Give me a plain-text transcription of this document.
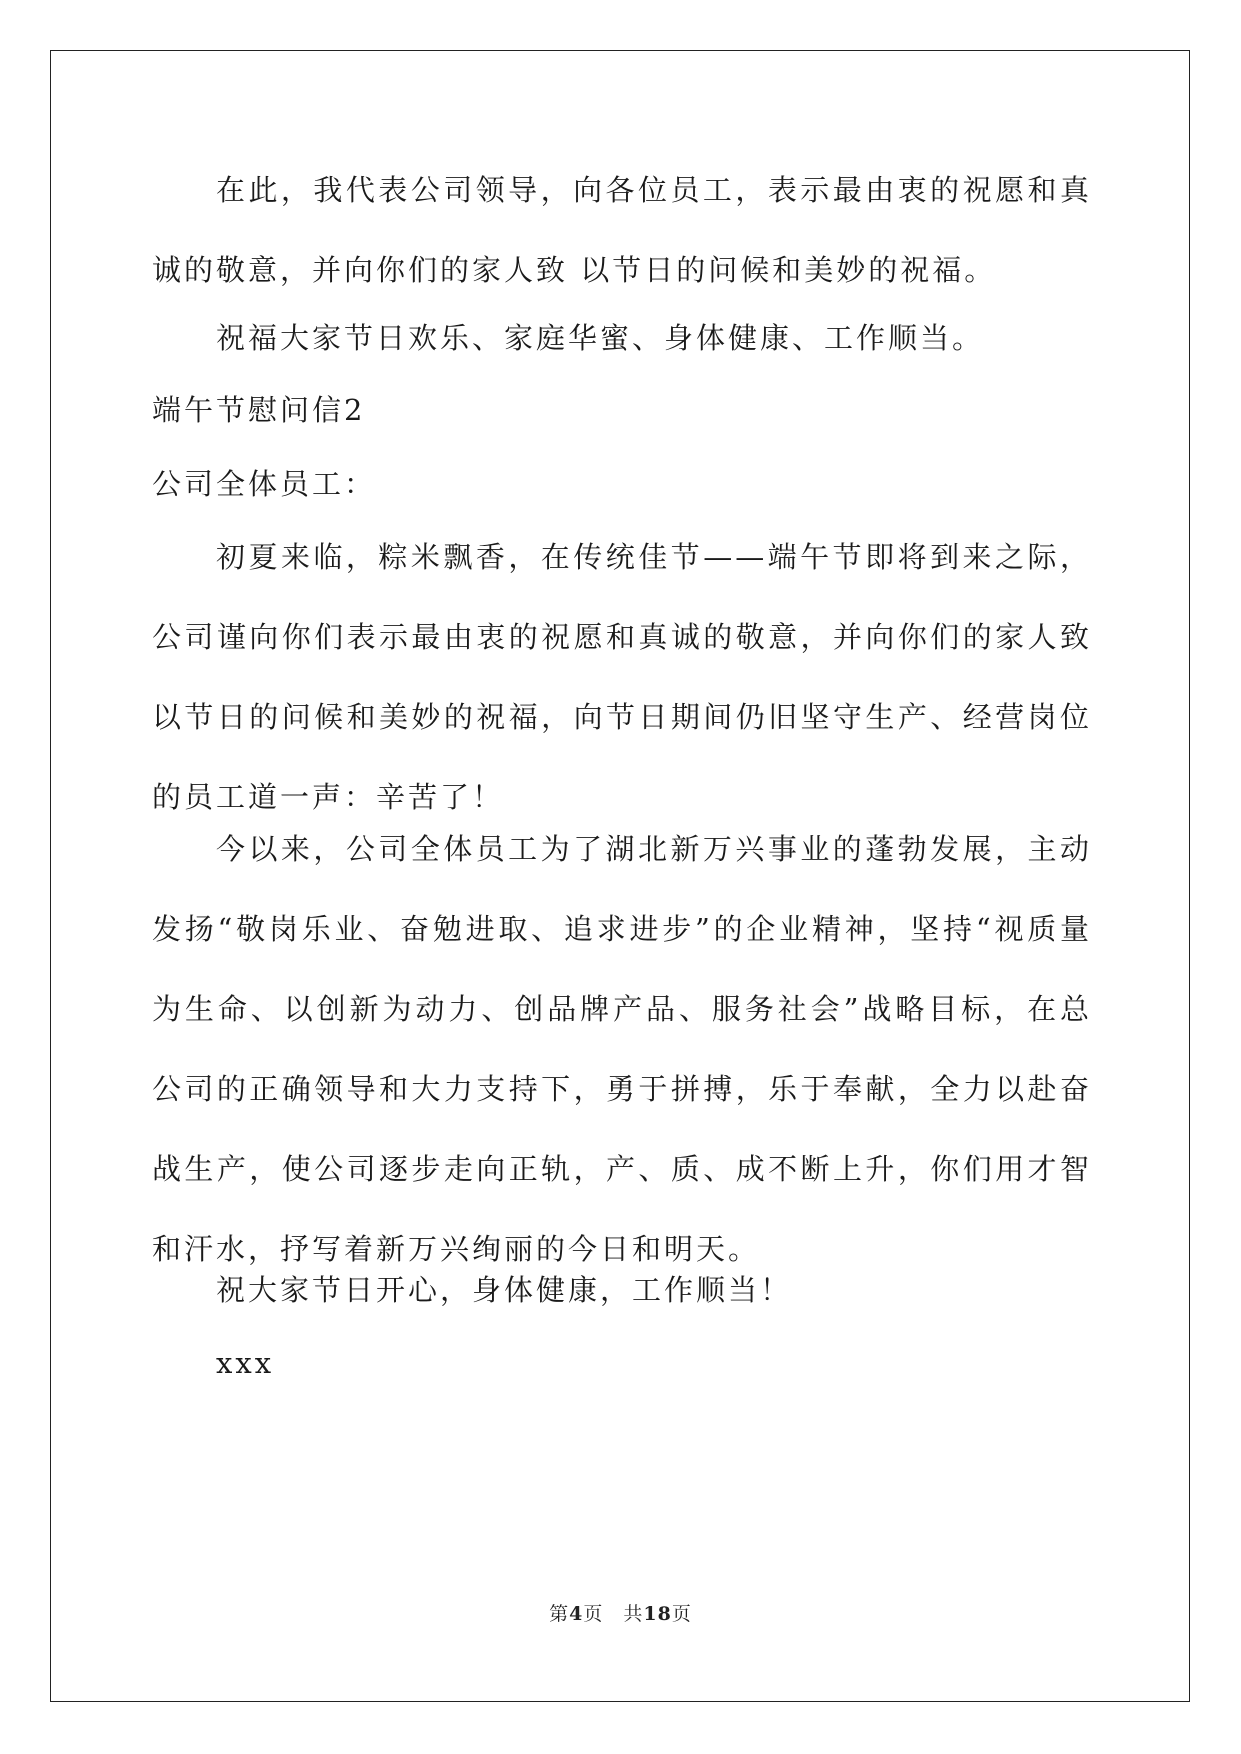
在此，我代表公司领导，向各位员工，表示最由衷的祝愿和真诚的敬意，并向你们的家人致 以节日的问候和美妙的祝福。

祝福大家节日欢乐、家庭华蜜、身体健康、工作顺当。

端午节慰问信2

公司全体员工：

初夏来临，粽米飘香，在传统佳节——端午节即将到来之际，公司谨向你们表示最由衷的祝愿和真诚的敬意，并向你们的家人致以节日的问候和美妙的祝福，向节日期间仍旧坚守生产、经营岗位的员工道一声：辛苦了！

今以来，公司全体员工为了湖北新万兴事业的蓬勃发展，主动发扬“敬岗乐业、奋勉进取、追求进步”的企业精神，坚持“视质量为生命、以创新为动力、创品牌产品、服务社会”战略目标，在总公司的正确领导和大力支持下，勇于拼搏，乐于奉献，全力以赴奋战生产，使公司逐步走向正轨，产、质、成不断上升，你们用才智和汗水，抒写着新万兴绚丽的今日和明天。

祝大家节日开心，身体健康，工作顺当！

xxx

第4页 共18页
